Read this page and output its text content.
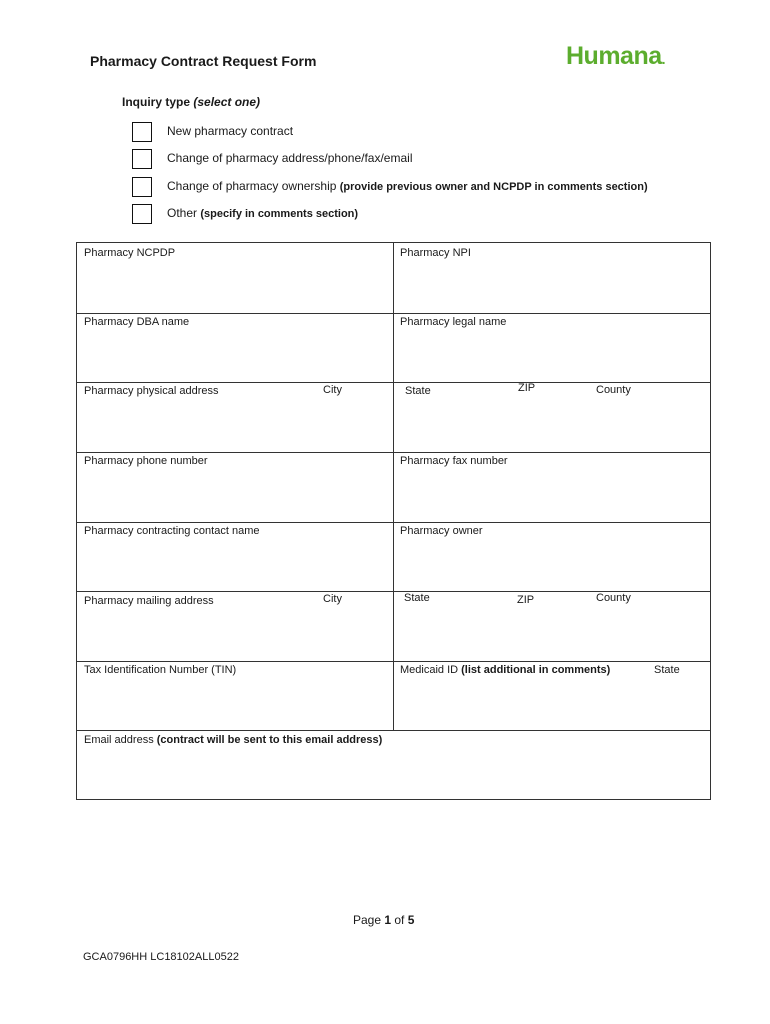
Pharmacy Contract Request Form	Humana.
Inquiry type (select one)
New pharmacy contract
Change of pharmacy address/phone/fax/email
Change of pharmacy ownership (provide previous owner and NCPDP in comments section)
Other (specify in comments section)
Pharmacy NCPDP	Pharmacy NPI
Pharmacy DBA name	Pharmacy legal name
Pharmacy physical address	City	State	ZIP	County
Pharmacy phone number	Pharmacy fax number
Pharmacy contracting contact name	Pharmacy owner
Pharmacy mailing address	City	State	ZIP	County
Tax Identification Number (TIN)	Medicaid ID (list additional in comments)	State
Email address (contract will be sent to this email address)
Page 1 of 5
GCA0796HH LC18102ALL0522
